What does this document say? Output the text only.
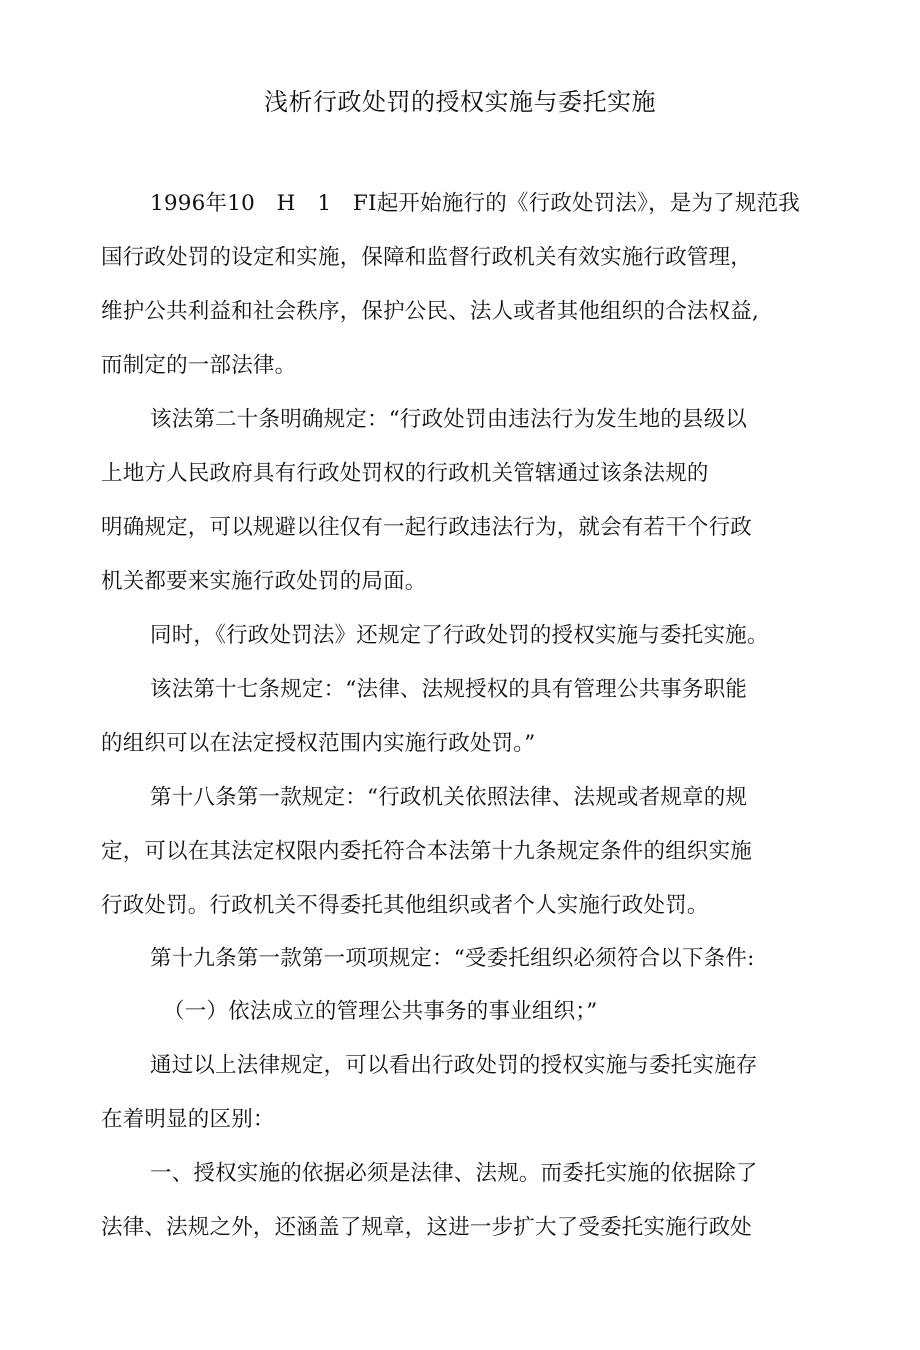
浅析行政处罚的授权实施与委托实施
1996年10　H　1　FI起开始施行的《行政处罚法》，是为了规范我
国行政处罚的设定和实施，保障和监督行政机关有效实施行政管理，
维护公共利益和社会秩序，保护公民、法人或者其他组织的合法权益,
而制定的一部法律。
该法第二十条明确规定：“行政处罚由违法行为发生地的县级以
上地方人民政府具有行政处罚权的行政机关管辖通过该条法规的
明确规定，可以规避以往仅有一起行政违法行为，就会有若干个行政
机关都要来实施行政处罚的局面。
同时，《行政处罚法》还规定了行政处罚的授权实施与委托实施。
该法第十七条规定：“法律、法规授权的具有管理公共事务职能
的组织可以在法定授权范围内实施行政处罚。”
第十八条第一款规定：“行政机关依照法律、法规或者规章的规
定，可以在其法定权限内委托符合本法第十九条规定条件的组织实施
行政处罚。行政机关不得委托其他组织或者个人实施行政处罚。
第十九条第一款第一项项规定：“受委托组织必须符合以下条件:
（一）依法成立的管理公共事务的事业组织；”
通过以上法律规定，可以看出行政处罚的授权实施与委托实施存
在着明显的区别：
一、授权实施的依据必须是法律、法规。而委托实施的依据除了
法律、法规之外，还涵盖了规章，这进一步扩大了受委托实施行政处
